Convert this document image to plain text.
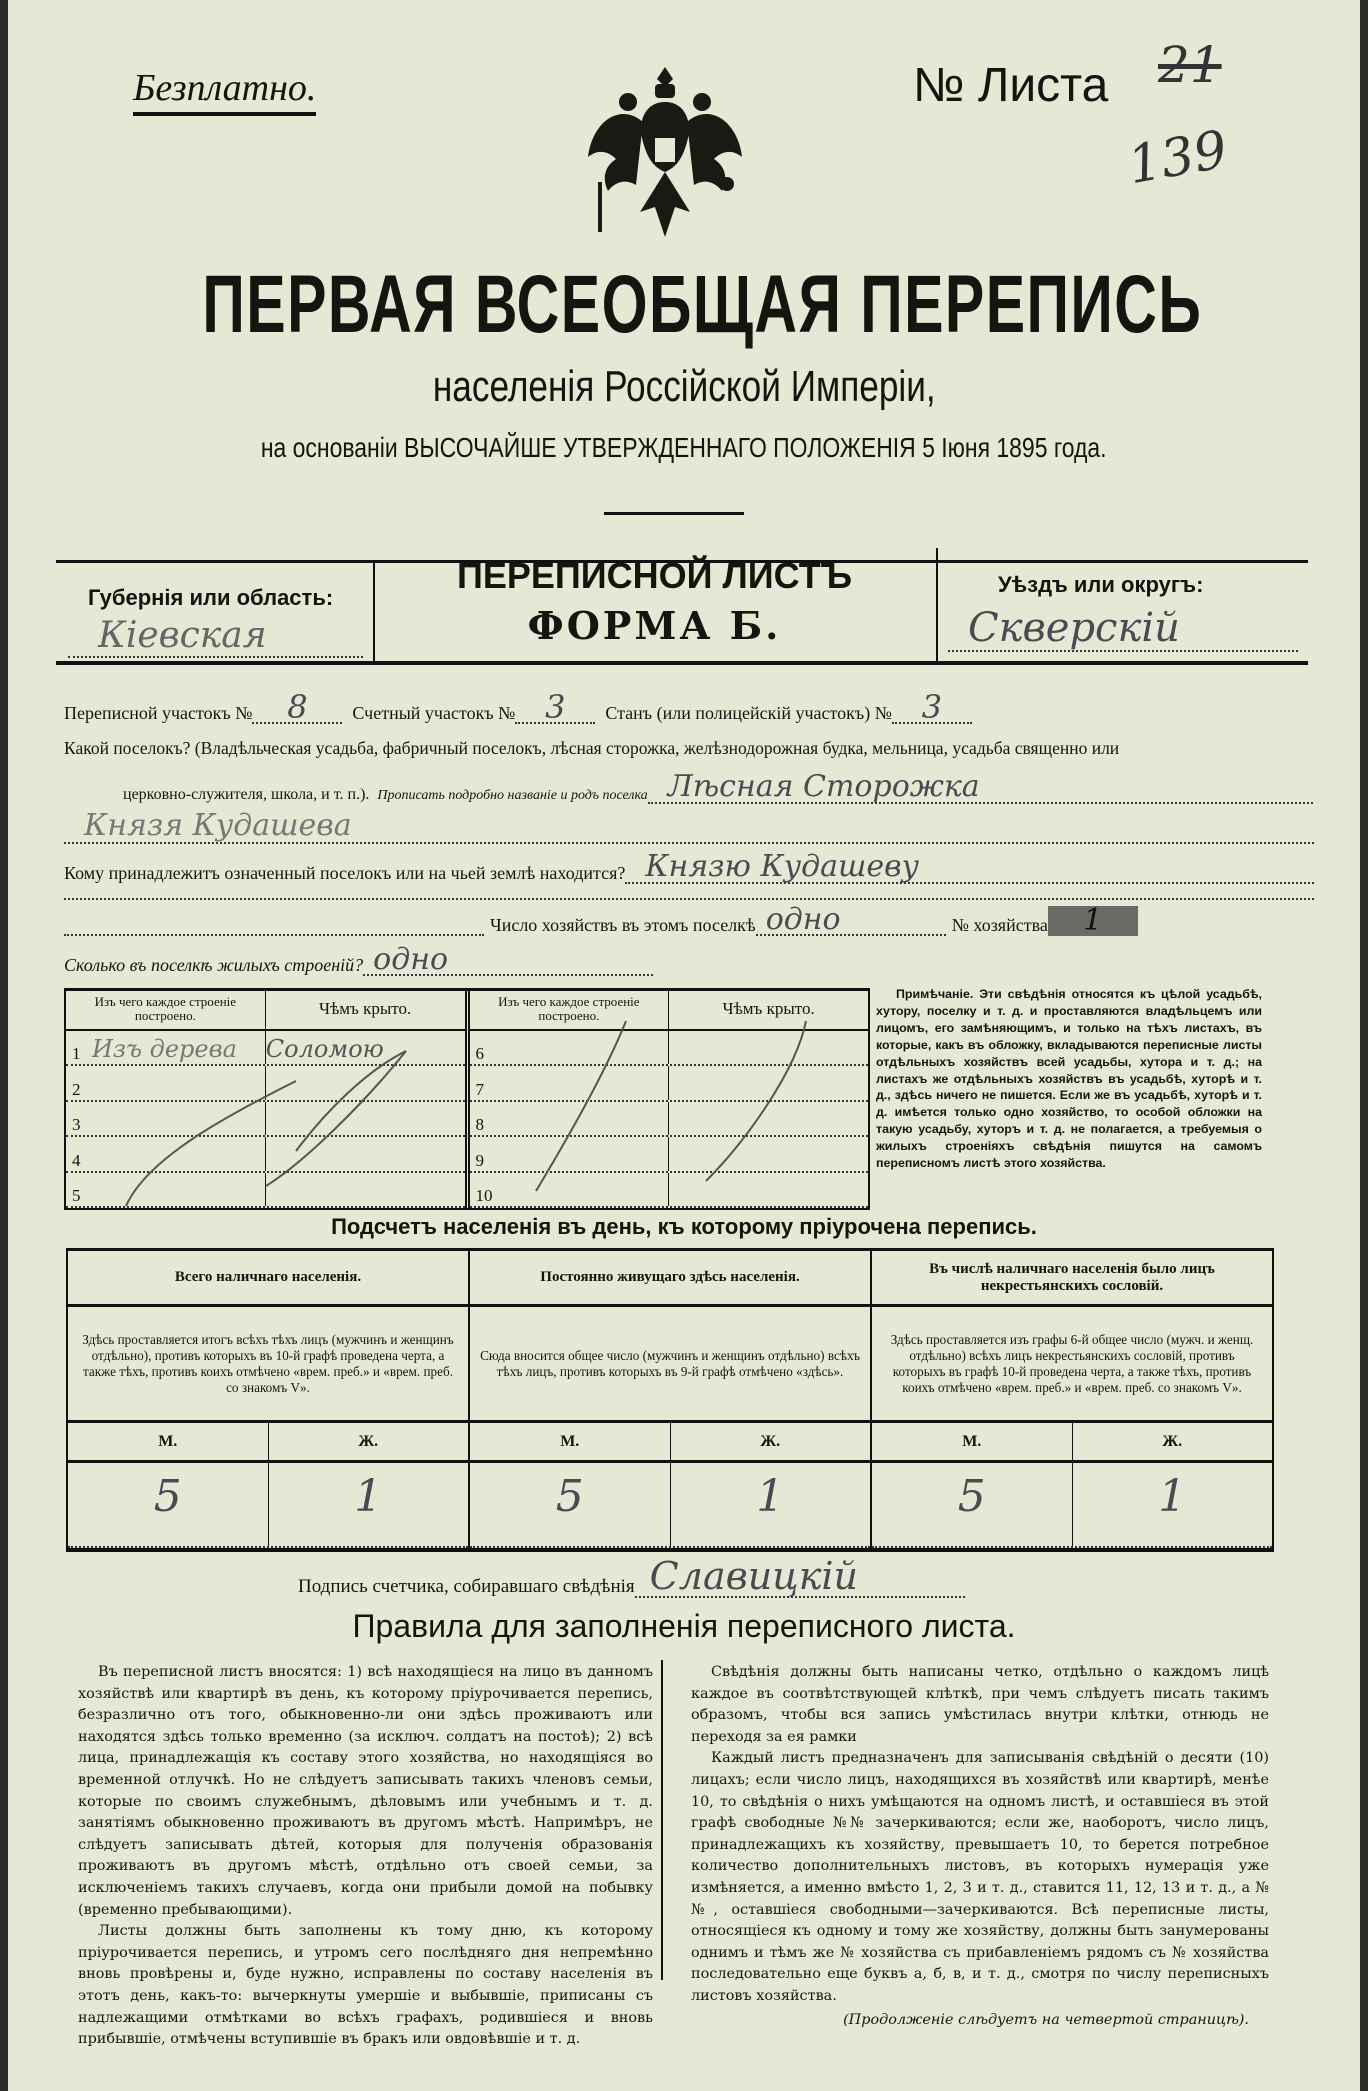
Безплатно.	№ Листа 21
139
ПЕРВАЯ ВСЕОБЩАЯ ПЕРЕПИСЬ
населенія Россійской Имперіи,
на основаніи ВЫСОЧАЙШЕ УТВЕРЖДЕННАГО ПОЛОЖЕНІЯ 5 Іюня 1895 года.
Губернія или область:
Кіевская
ПЕРЕПИСНОЙ ЛИСТЪ
ФОРМА Б.
Уѣздъ или округъ:
Скверскій
Переписной участокъ №	8	Счетный участокъ № 3	Станъ (или полицейскій участокъ) № 3
Какой поселокъ? (Владѣльческая усадьба, фабричный поселокъ, лѣсная сторожка, желѣзнодорожная будка, мельница, усадьба священно или
церковно-служителя, школа, и т. п.). Прописать подробно названіе и родъ поселка Лѣсная Сторожка
Князя Кудашева
Кому принадлежитъ означенный поселокъ или на чьей землѣ находится? Князю Кудашеву
Число хозяйствъ въ этомъ поселкѣ одно	№ хозяйства	1
Сколько въ поселкѣ жилыхъ строеній? одно
Изъ чего каждое строеніе построено.	Чѣмъ крыто.
1 Изъ дерева Соломою
2
3
4
5
Изъ чего каждое строеніе построено.	Чѣмъ крыто.
6
7
8
9
10
Примѣчаніе. Эти свѣдѣнія относятся къ цѣлой усадьбѣ, хутору, поселку и т. д. и проставляются владѣльцемъ или лицомъ, его замѣняющимъ, и только на тѣхъ листахъ, въ которые, какъ въ обложку, вкладываются переписные листы отдѣльныхъ хозяйствъ всей усадьбы, хутора и т. д.; на листахъ же отдѣльныхъ хозяйствъ въ усадьбѣ, хуторѣ и т. д., здѣсь ничего не пишется. Если же въ усадьбѣ, хуторѣ и т. д. имѣется только одно хозяйство, то особой обложки на такую усадьбу, хуторъ и т. д. не полагается, а требуемыя о жилыхъ строеніяхъ свѣдѣнія пишутся на самомъ переписномъ листѣ этого хозяйства.
Подсчетъ населенія въ день, къ которому пріурочена перепись.
Всего наличнаго населенія.
Здѣсь проставляется итогъ всѣхъ тѣхъ лицъ (мужчинъ и женщинъ отдѣльно), противъ которыхъ въ 10-й графѣ проведена черта, а также тѣхъ, противъ коихъ отмѣчено «врем. преб.» и «врем. преб. со знакомъ V».
М.	Ж.
5	1
Постоянно живущаго здѣсь населенія.
Сюда вносится общее число (мужчинъ и женщинъ отдѣльно) всѣхъ тѣхъ лицъ, противъ которыхъ въ 9-й графѣ отмѣчено «здѣсь».
М.	Ж.
5	1
Въ числѣ наличнаго населенія было лицъ некрестьянскихъ сословій.
Здѣсь проставляется изъ графы 6-й общее число (мужч. и женщ. отдѣльно) всѣхъ лицъ некрестьянскихъ сословій, противъ которыхъ въ графѣ 10-й проведена черта, а также тѣхъ, противъ коихъ отмѣчено «врем. преб.» и «врем. преб. со знакомъ V».
М.	Ж.
5	1
Подпись счетчика, собиравшаго свѣдѣнія Славицкій
Правила для заполненія переписного листа.

Въ переписной листъ вносятся: 1) всѣ находящіеся на лицо въ данномъ хозяйствѣ или квартирѣ въ день, къ которому пріурочивается перепись, безразлично отъ того, обыкновенно-ли они здѣсь проживаютъ или находятся здѣсь только временно (за исключ. солдатъ на постоѣ); 2) всѣ лица, принадлежащія къ составу этого хозяйства, но находящіяся во временной отлучкѣ. Но не слѣдуетъ записывать такихъ членовъ семьи, которые по своимъ служебнымъ, дѣловымъ или учебнымъ и т. д. занятіямъ обыкновенно проживаютъ въ другомъ мѣстѣ. Напримѣръ, не слѣдуетъ записывать дѣтей, которыя для полученія образованія проживаютъ въ другомъ мѣстѣ, отдѣльно отъ своей семьи, за исключеніемъ такихъ случаевъ, когда они прибыли домой на побывку (временно пребывающими).

Листы должны быть заполнены къ тому дню, къ которому пріурочивается перепись, и утромъ сего послѣдняго дня непремѣнно вновь провѣрены и, буде нужно, исправлены по составу населенія въ этотъ день, какъ-то: вычеркнуты умершіе и выбывшіе, приписаны съ надлежащими отмѣтками во всѣхъ графахъ, родившіеся и вновь прибывшіе, отмѣчены вступившіе въ бракъ или овдовѣвшіе и т. д.

Свѣдѣнія должны быть написаны четко, отдѣльно о каждомъ лицѣ каждое въ соотвѣтствующей клѣткѣ, при чемъ слѣдуетъ писать такимъ образомъ, чтобы вся запись умѣстилась внутри клѣтки, отнюдь не переходя за ея рамки

Каждый листъ предназначенъ для записыванія свѣдѣній о десяти (10) лицахъ; если число лицъ, находящихся въ хозяйствѣ или квартирѣ, менѣе 10, то свѣдѣнія о нихъ умѣщаются на одномъ листѣ, и оставшіеся въ этой графѣ свободные №№ зачеркиваются; если же, наоборотъ, число лицъ, принадлежащихъ къ хозяйству, превышаетъ 10, то берется потребное количество дополнительныхъ листовъ, въ которыхъ нумерація уже измѣняется, а именно вмѣсто 1, 2, 3 и т. д., ставится 11, 12, 13 и т. д., а №№, оставшіеся свободными—зачеркиваются. Всѣ переписные листы, относящіеся къ одному и тому же хозяйству, должны быть занумерованы однимъ и тѣмъ же № хозяйства съ прибавленіемъ рядомъ съ № хозяйства последовательно еще буквъ а, б, в, и т. д., смотря по числу переписныхъ листовъ хозяйства.

(Продолженіе слѣдуетъ на четвертой страницѣ).
